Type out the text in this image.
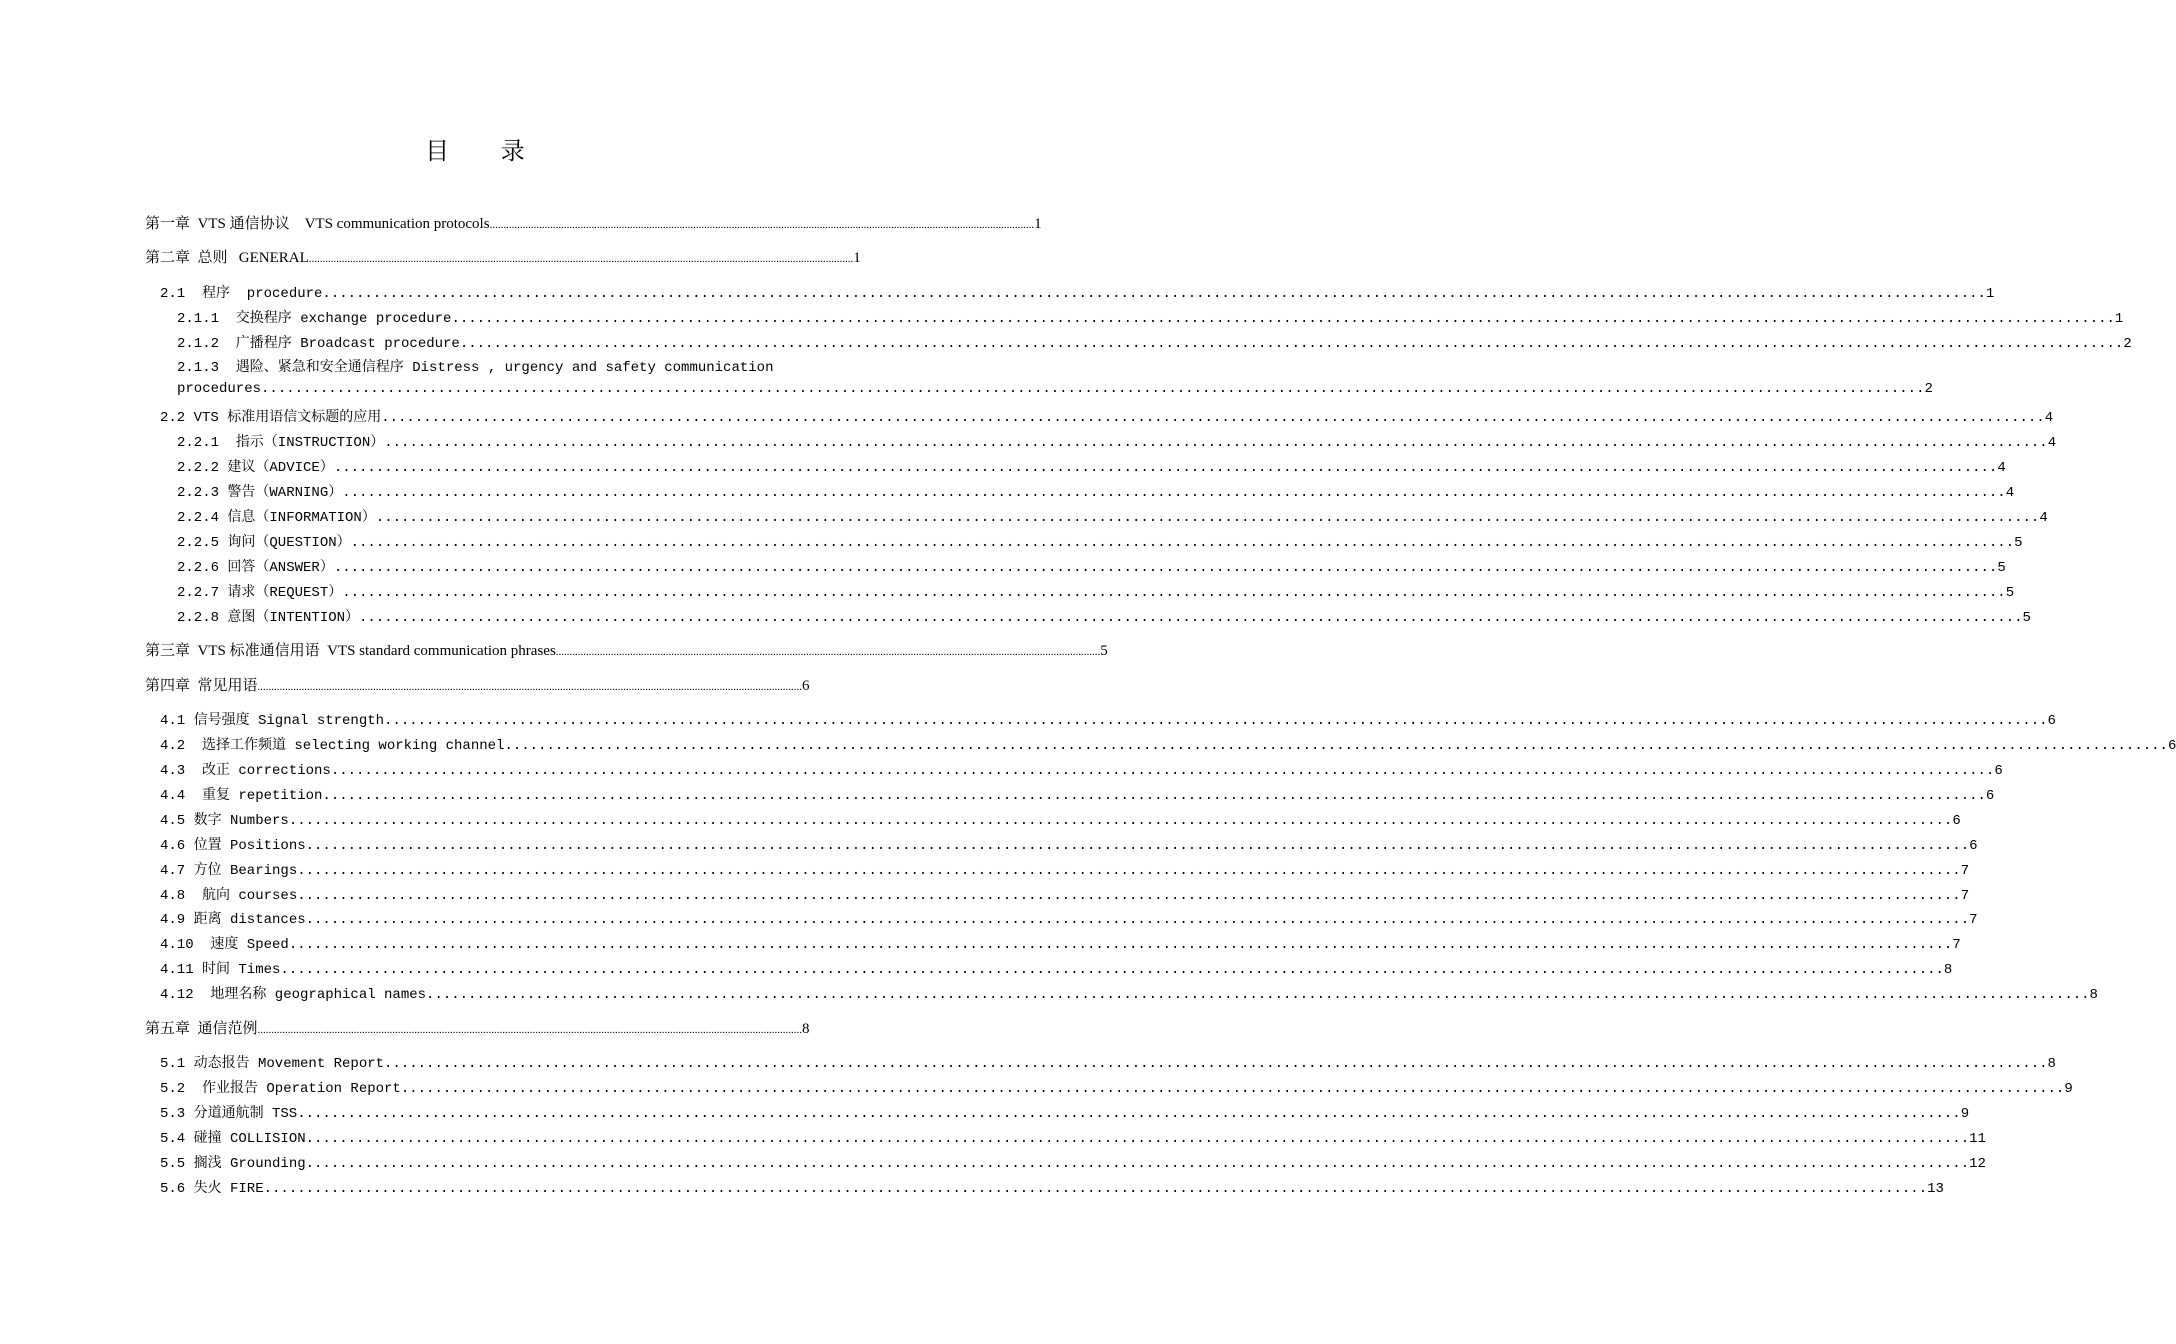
目 录
第一章  VTS 通信协议    VTS communication protocols ...................................................................................................................................................................................................... 1
第二章  总则   GENERAL ...................................................................................................................................................................................................... 1
2.1  程序  procedure ...................................................................................................................................................................................................... 1
2.1.1  交换程序 exchange procedure ...................................................................................................................................................................................................... 1
2.1.2  广播程序 Broadcast procedure ...................................................................................................................................................................................................... 2
2.1.3  遇险、紧急和安全通信程序 Distress , urgency and safety communication
procedures ...................................................................................................................................................................................................... 2
2.2 VTS 标准用语信文标题的应用 ...................................................................................................................................................................................................... 4
2.2.1  指示（INSTRUCTION） ...................................................................................................................................................................................................... 4
2.2.2 建议（ADVICE） ...................................................................................................................................................................................................... 4
2.2.3 警告（WARNING） ...................................................................................................................................................................................................... 4
2.2.4 信息（INFORMATION） ...................................................................................................................................................................................................... 4
2.2.5 询问（QUESTION） ...................................................................................................................................................................................................... 5
2.2.6 回答（ANSWER） ...................................................................................................................................................................................................... 5
2.2.7 请求（REQUEST） ...................................................................................................................................................................................................... 5
2.2.8 意图（INTENTION） ...................................................................................................................................................................................................... 5
第三章  VTS 标准通信用语  VTS standard communication phrases ...................................................................................................................................................................................................... 5
第四章  常见用语 ...................................................................................................................................................................................................... 6
4.1 信号强度 Signal strength ...................................................................................................................................................................................................... 6
4.2  选择工作频道 selecting working channel ...................................................................................................................................................................................................... 6
4.3  改正 corrections ...................................................................................................................................................................................................... 6
4.4  重复 repetition ...................................................................................................................................................................................................... 6
4.5 数字 Numbers ...................................................................................................................................................................................................... 6
4.6 位置 Positions ...................................................................................................................................................................................................... 6
4.7 方位 Bearings ...................................................................................................................................................................................................... 7
4.8  航向 courses ...................................................................................................................................................................................................... 7
4.9 距离 distances ...................................................................................................................................................................................................... 7
4.10  速度 Speed ...................................................................................................................................................................................................... 7
4.11 时间 Times ...................................................................................................................................................................................................... 8
4.12  地理名称 geographical names ...................................................................................................................................................................................................... 8
第五章  通信范例 ...................................................................................................................................................................................................... 8
5.1 动态报告 Movement Report ...................................................................................................................................................................................................... 8
5.2  作业报告 Operation Report ...................................................................................................................................................................................................... 9
5.3 分道通航制 TSS ...................................................................................................................................................................................................... 9
5.4 碰撞 COLLISION ...................................................................................................................................................................................................... 11
5.5 搁浅 Grounding ...................................................................................................................................................................................................... 12
5.6 失火 FIRE ...................................................................................................................................................................................................... 13
